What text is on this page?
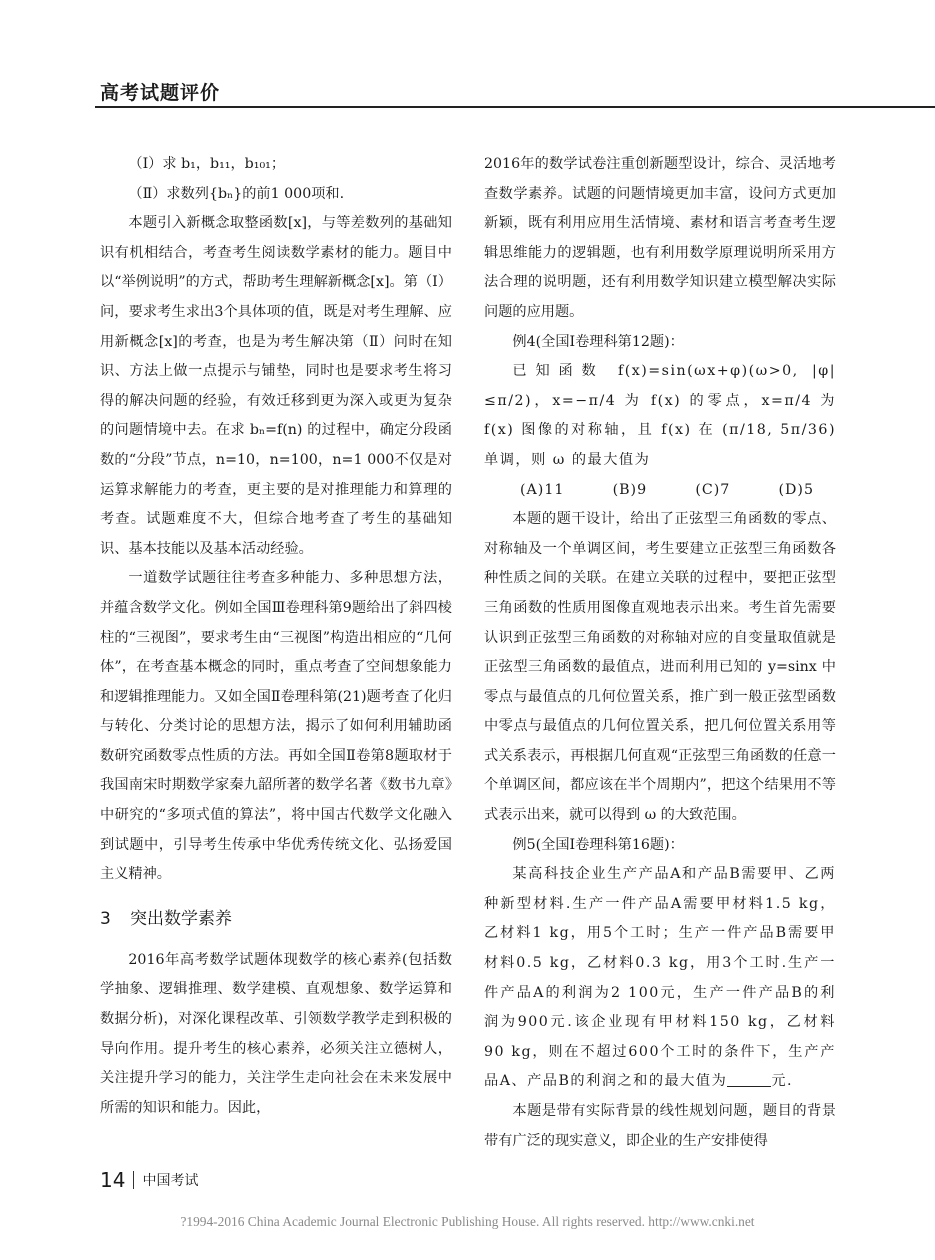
高考试题评价

（Ⅰ）求 b₁，b₁₁，b₁₀₁；

（Ⅱ）求数列{bₙ}的前1 000项和.

本题引入新概念取整函数[x]，与等差数列的基础知识有机相结合，考查考生阅读数学素材的能力。题目中以“举例说明”的方式，帮助考生理解新概念[x]。第（Ⅰ）问，要求考生求出3个具体项的值，既是对考生理解、应用新概念[x]的考查，也是为考生解决第（Ⅱ）问时在知识、方法上做一点提示与铺垫，同时也是要求考生将习得的解决问题的经验，有效迁移到更为深入或更为复杂的问题情境中去。在求 bₙ=f(n) 的过程中，确定分段函数的“分段”节点，n=10，n=100，n=1 000不仅是对运算求解能力的考查，更主要的是对推理能力和算理的考查。试题难度不大，但综合地考查了考生的基础知识、基本技能以及基本活动经验。

一道数学试题往往考查多种能力、多种思想方法，并蕴含数学文化。例如全国Ⅲ卷理科第9题给出了斜四棱柱的“三视图”，要求考生由“三视图”构造出相应的“几何体”，在考查基本概念的同时，重点考查了空间想象能力和逻辑推理能力。又如全国Ⅱ卷理科第(21)题考查了化归与转化、分类讨论的思想方法，揭示了如何利用辅助函数研究函数零点性质的方法。再如全国Ⅱ卷第8题取材于我国南宋时期数学家秦九韶所著的数学名著《数书九章》中研究的“多项式值的算法”，将中国古代数学文化融入到试题中，引导考生传承中华优秀传统文化、弘扬爱国主义精神。

3 突出数学素养

2016年高考数学试题体现数学的核心素养(包括数学抽象、逻辑推理、数学建模、直观想象、数学运算和数据分析)，对深化课程改革、引领数学教学走到积极的导向作用。提升考生的核心素养，必须关注立德树人，关注提升学习的能力，关注学生走向社会在未来发展中所需的知识和能力。因此，

2016年的数学试卷注重创新题型设计，综合、灵活地考查数学素养。试题的问题情境更加丰富，设问方式更加新颖，既有利用应用生活情境、素材和语言考查考生逻辑思维能力的逻辑题，也有利用数学原理说明所采用方法合理的说明题，还有利用数学知识建立模型解决实际问题的应用题。

例4(全国Ⅰ卷理科第12题)：

已知函数 f(x)=sin(ωx+φ)(ω>0, |φ|≤π/2)，x=−π/4 为 f(x) 的零点，x=π/4 为 f(x) 图像的对称轴，且 f(x) 在 (π/18, 5π/36) 单调，则 ω 的最大值为

(A)11	(B)9	(C)7	(D)5

本题的题干设计，给出了正弦型三角函数的零点、对称轴及一个单调区间，考生要建立正弦型三角函数各种性质之间的关联。在建立关联的过程中，要把正弦型三角函数的性质用图像直观地表示出来。考生首先需要认识到正弦型三角函数的对称轴对应的自变量取值就是正弦型三角函数的最值点，进而利用已知的 y=sinx 中零点与最值点的几何位置关系，推广到一般正弦型函数中零点与最值点的几何位置关系，把几何位置关系用等式关系表示，再根据几何直观“正弦型三角函数的任意一个单调区间，都应该在半个周期内”，把这个结果用不等式表示出来，就可以得到 ω 的大致范围。

例5(全国Ⅰ卷理科第16题)：

某高科技企业生产产品A和产品B需要甲、乙两种新型材料.生产一件产品A需要甲材料1.5 kg，乙材料1 kg，用5个工时；生产一件产品B需要甲材料0.5 kg，乙材料0.3 kg，用3个工时.生产一件产品A的利润为2 100元，生产一件产品B的利润为900元.该企业现有甲材料150 kg，乙材料90 kg，则在不超过600个工时的条件下，生产产品A、产品B的利润之和的最大值为	元.

本题是带有实际背景的线性规划问题，题目的背景带有广泛的现实意义，即企业的生产安排使得

14 中国考试
?1994-2016 China Academic Journal Electronic Publishing House. All rights reserved. http://www.cnki.net
